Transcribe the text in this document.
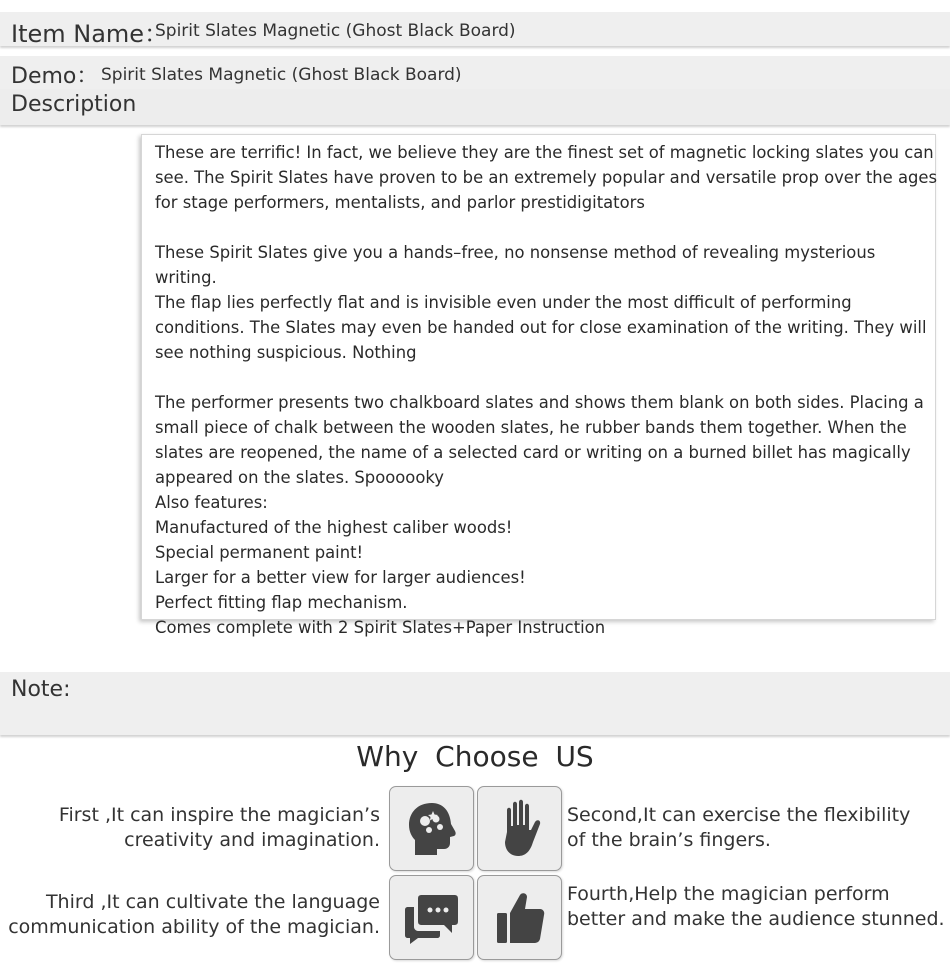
Item Name：
Spirit Slates Magnetic (Ghost Black Board)
Demo： Spirit Slates Magnetic (Ghost Black Board)
Description

These are terrific! In fact, we believe they are the finest set of magnetic locking slates you can
see. The Spirit Slates have proven to be an extremely popular and versatile prop over the ages
for stage performers, mentalists, and parlor prestidigitators

These Spirit Slates give you a hands–free, no nonsense method of revealing mysterious writing.
The flap lies perfectly flat and is invisible even under the most difficult of performing
conditions. The Slates may even be handed out for close examination of the writing. They will
see nothing suspicious. Nothing

The performer presents two chalkboard slates and shows them blank on both sides. Placing a
small piece of chalk between the wooden slates, he rubber bands them together. When the
slates are reopened, the name of a selected card or writing on a burned billet has magically
appeared on the slates. Spoooooky
Also features:
Manufactured of the highest caliber woods!
Special permanent paint!
Larger for a better view for larger audiences!
Perfect fitting flap mechanism.
Comes complete with 2 Spirit Slates+Paper Instruction
Note:
Why Choose US
First ,It can inspire the magician’s
creativity and imagination.
Second,It can exercise the flexibility
of the brain’s fingers.
Third ,It can cultivate the language
communication ability of the magician.
Fourth,Help the magician perform
better and make the audience stunned.
